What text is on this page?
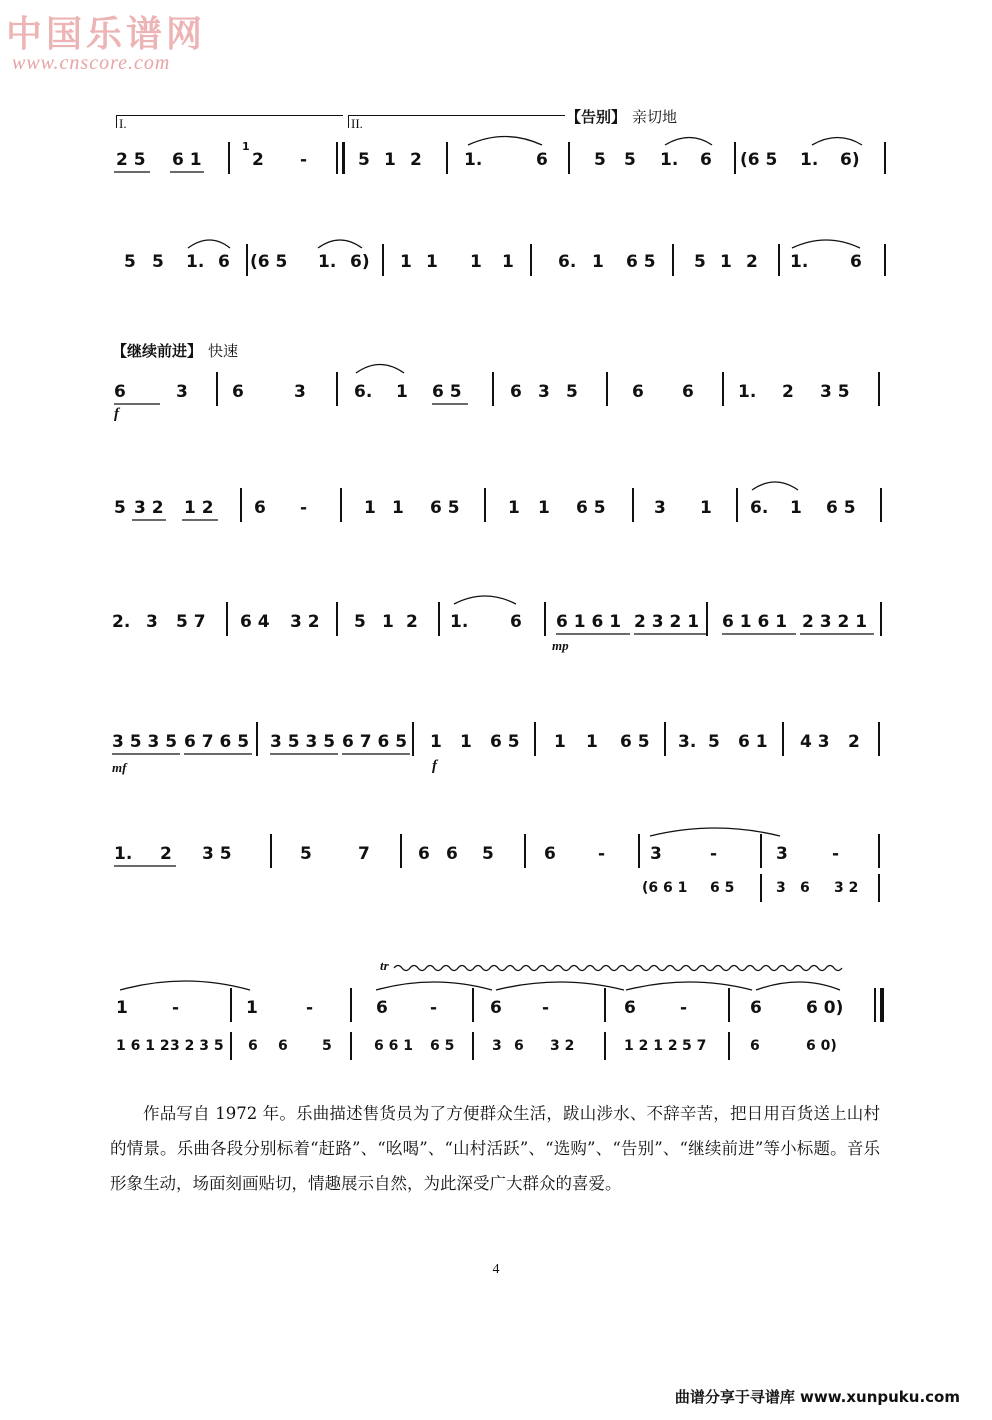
中国乐谱网
www.cnscore.com
I.	II.	【告别】 亲切地
【继续前进】 快速
2 5 6 1
1
2 -	5 1 2 1.	6	5 5 1. 6 (6 5 1. 6)
5 5 1. 6 (6 5 1. 6) 1 1 1 1	6. 1 6 5 5 1 2 1. 6
6	3	6	3	6. 1 6 5	6 3 5	6 6	1. 2 3 5
f
5 3 2 1 2 6 -	1 1 6 5	1 1 6 5	3 1 6. 1 6 5
2. 3 5 7 6 4 3 2 5 1 2 1. 6 6 1 6 1 2 3 2 1 6 1 6 1 2 3 2 1
mp
3 5 3 5 6 7 6 5 3 5 3 5 6 7 6 5 1 1 6 5 1 1 6 5 3. 5 6 1 4 3 2
mf	f
1. 2 3 5	5	7	6 6 5	6 -	3	-	3	-
(6 6 1 6 5	3 6 3 2
tr
1	-	1	-	6 -	6 -	6	-	6	6 0)
1 6 1 2 3 2 3 5 6 6 5	6 6 1 6 5	3 6 3 2	1 2 1 2 5 7	6	6 0)
作品写自 1972 年。乐曲描述售货员为了方便群众生活，跋山涉水、不辞辛苦，把日用百货送上山村的情景。乐曲各段分别标着“赶路”、“吆喝”、“山村活跃”、“选购”、“告别”、“继续前进”等小标题。音乐形象生动，场面刻画贴切，情趣展示自然，为此深受广大群众的喜爱。
4
曲谱分享于寻谱库 www.xunpuku.com
